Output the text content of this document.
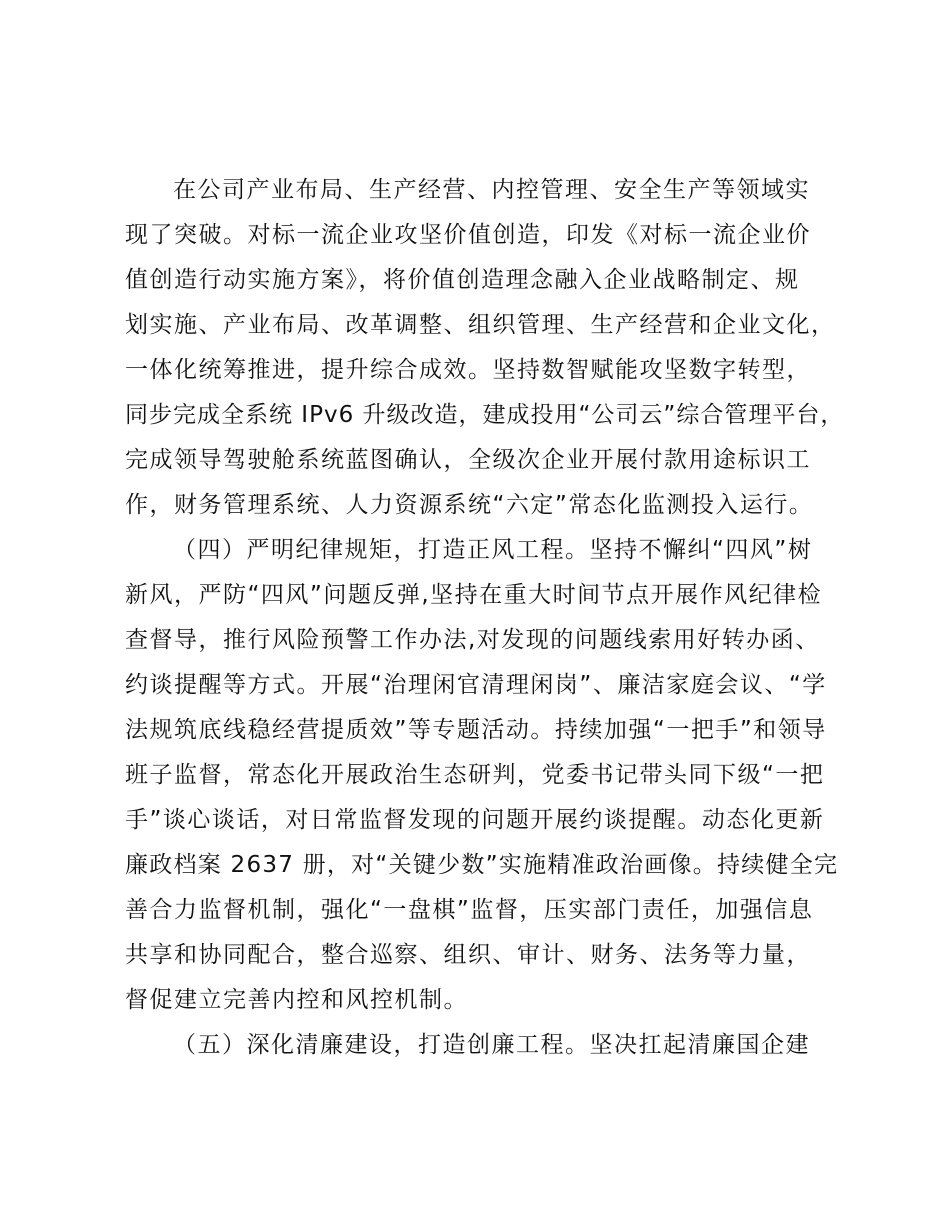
在公司产业布局、生产经营、内控管理、安全生产等领域实
现了突破。对标一流企业攻坚价值创造，印发《对标一流企业价
值创造行动实施方案》，将价值创造理念融入企业战略制定、规
划实施、产业布局、改革调整、组织管理、生产经营和企业文化，
一体化统筹推进，提升综合成效。坚持数智赋能攻坚数字转型，
同步完成全系统 IPv6 升级改造，建成投用“公司云”综合管理平台，
完成领导驾驶舱系统蓝图确认，全级次企业开展付款用途标识工
作，财务管理系统、人力资源系统“六定”常态化监测投入运行。
（四）严明纪律规矩，打造正风工程。坚持不懈纠“四风”树
新风，严防“四风”问题反弹,坚持在重大时间节点开展作风纪律检
查督导，推行风险预警工作办法,对发现的问题线索用好转办函、
约谈提醒等方式。开展“治理闲官清理闲岗”、廉洁家庭会议、“学
法规筑底线稳经营提质效”等专题活动。持续加强“一把手”和领导
班子监督，常态化开展政治生态研判，党委书记带头同下级“一把
手”谈心谈话，对日常监督发现的问题开展约谈提醒。动态化更新
廉政档案 2637 册，对“关键少数”实施精准政治画像。持续健全完
善合力监督机制，强化“一盘棋”监督，压实部门责任，加强信息
共享和协同配合，整合巡察、组织、审计、财务、法务等力量，
督促建立完善内控和风控机制。
（五）深化清廉建设，打造创廉工程。坚决扛起清廉国企建
